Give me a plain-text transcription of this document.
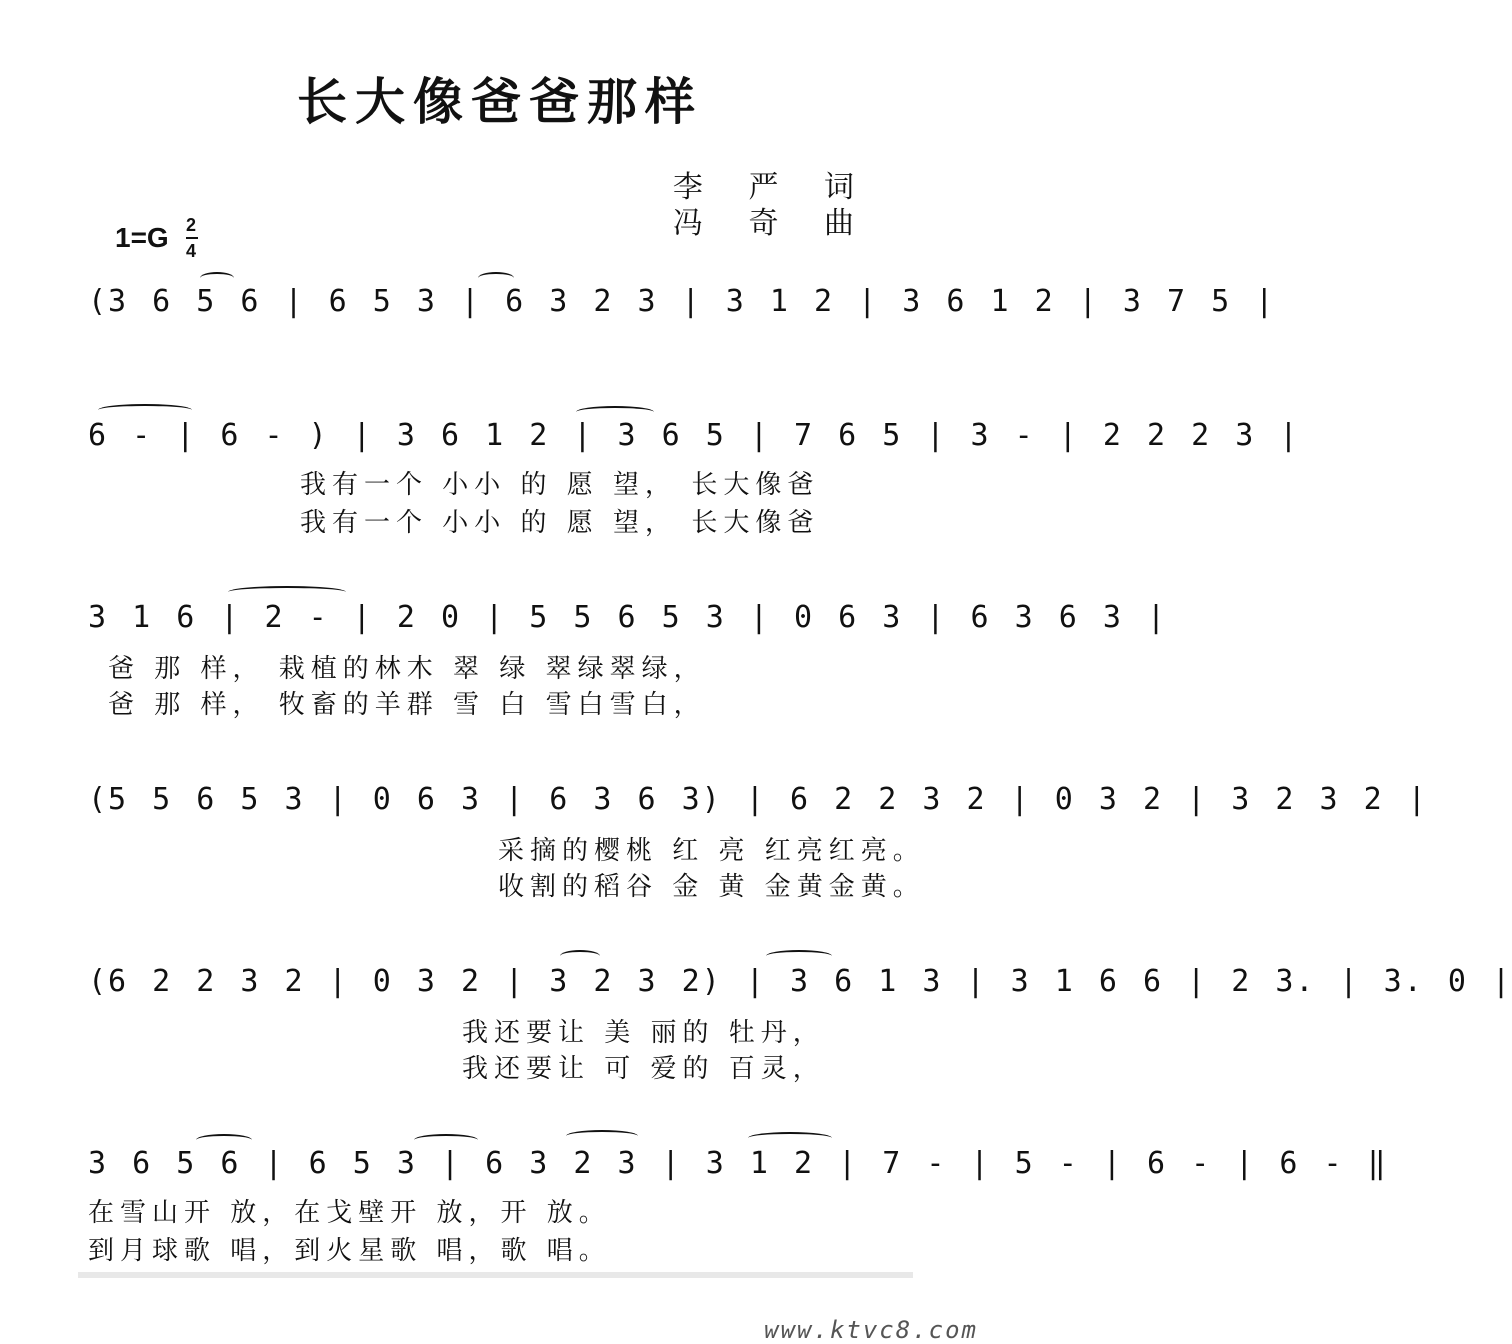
长大像爸爸那样
李 严 词
冯 奇 曲
1=G 2
4
(3 6 5 6 | 6 5 3 | 6 3 2 3 | 3 1 2 | 3 6 1 2 | 3 7 5 |
6 - | 6 - ) | 3 6 1 2 | 3 6 5 | 7 6 5 | 3 - | 2 2 2 3 |
我有一个 小小 的 愿 望， 长大像爸
我有一个 小小 的 愿 望， 长大像爸
3 1 6 | 2 - | 2 0 | 5 5 6 5 3 | 0 6 3 | 6 3 6 3 |
爸 那 样， 栽植的林木 翠 绿 翠绿翠绿，
爸 那 样， 牧畜的羊群 雪 白 雪白雪白，
(5 5 6 5 3 | 0 6 3 | 6 3 6 3) | 6 2 2 3 2 | 0 3 2 | 3 2 3 2 |
采摘的樱桃 红 亮 红亮红亮。
收割的稻谷 金 黄 金黄金黄。
(6 2 2 3 2 | 0 3 2 | 3 2 3 2) | 3 6 1 3 | 3 1 6 6 | 2 3. | 3. 0 |
我还要让 美 丽的 牡丹，
我还要让 可 爱的 百灵，
3 6 5 6 | 6 5 3 | 6 3 2 3 | 3 1 2 | 7 - | 5 - | 6 - | 6 - ‖
在雪山开 放，在戈壁开 放，开 放。
到月球歌 唱，到火星歌 唱，歌 唱。
www.ktvc8.com
